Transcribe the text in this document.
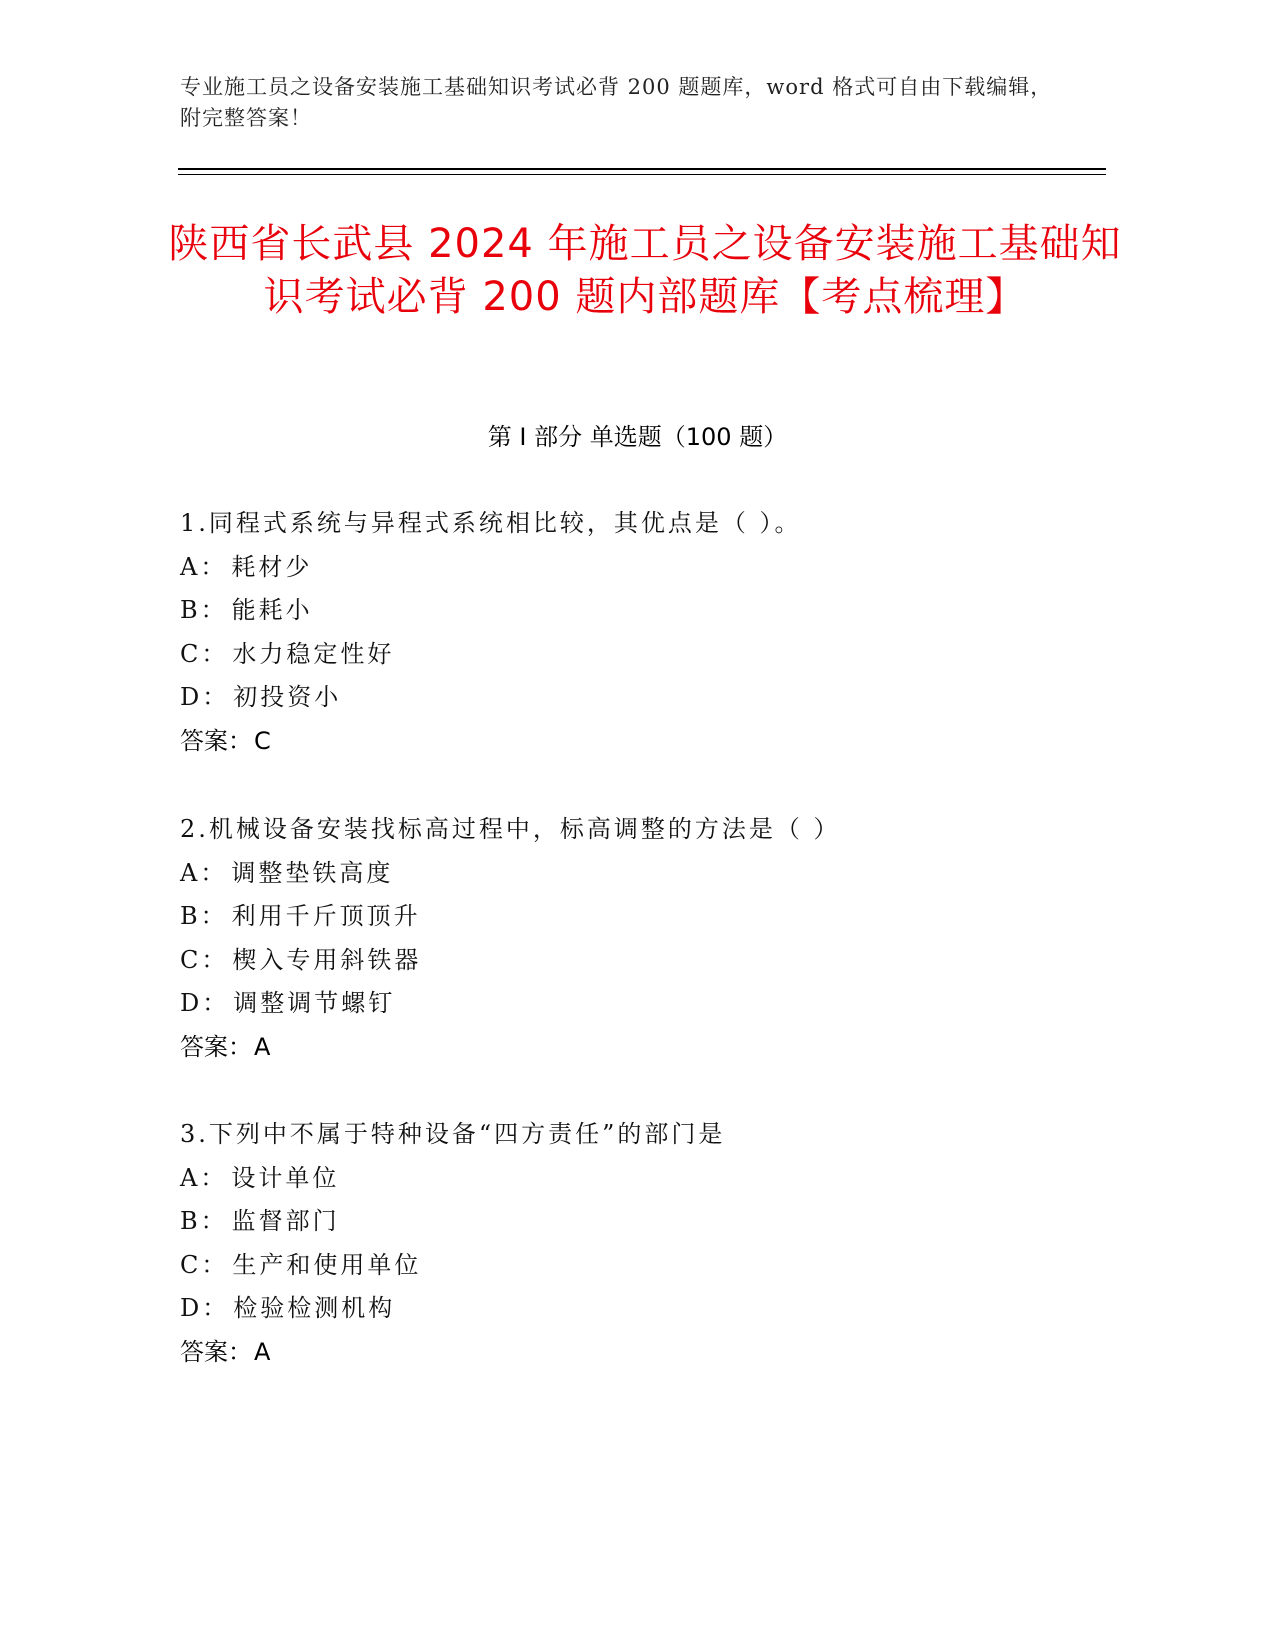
专业施工员之设备安装施工基础知识考试必背 200 题题库，word 格式可自由下载编辑，附完整答案！
陕西省长武县 2024 年施工员之设备安装施工基础知识考试必背 200 题内部题库【考点梳理】
第 I 部分 单选题（100 题）
1.同程式系统与异程式系统相比较，其优点是（ ）。
A： 耗材少
B： 能耗小
C： 水力稳定性好
D： 初投资小
答案：C
2.机械设备安装找标高过程中，标高调整的方法是（ ）
A： 调整垫铁高度
B： 利用千斤顶顶升
C： 楔入专用斜铁器
D： 调整调节螺钉
答案：A
3.下列中不属于特种设备“四方责任”的部门是
A： 设计单位
B： 监督部门
C： 生产和使用单位
D： 检验检测机构
答案：A
